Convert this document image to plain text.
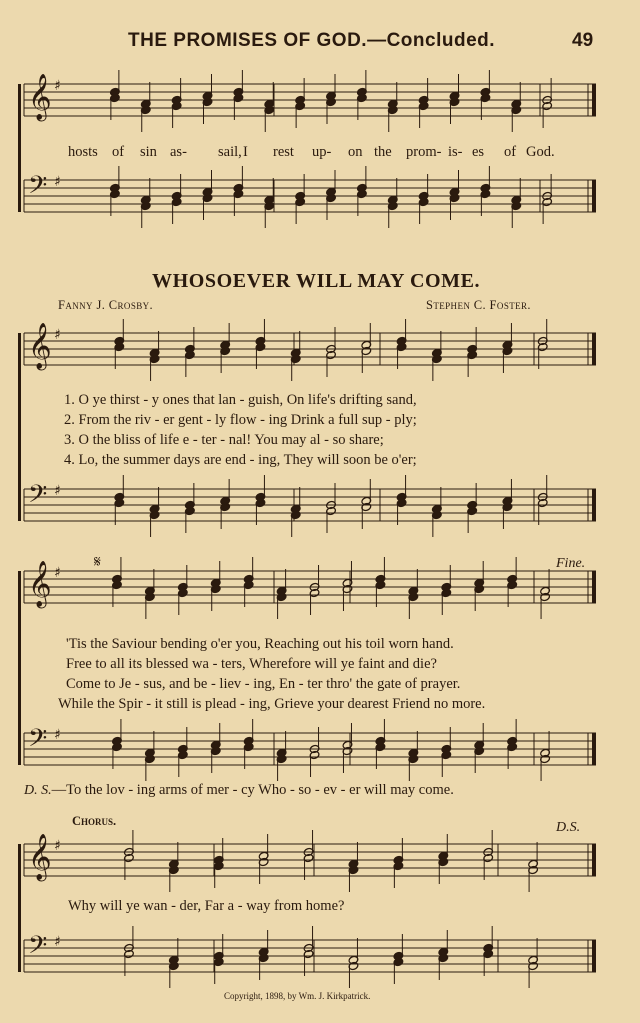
THE PROMISES OF GOD.—Concluded.	49
𝄞 ♯
𝄢 ♯
𝄞 ♯
𝄢 ♯
𝄞 ♯
𝄢 ♯
𝄞 ♯
𝄢 ♯
hosts of sin as- sail, I rest up- on the prom- is- es of God.
WHOSOEVER WILL MAY COME.
Fanny J. Crosby.	Stephen C. Foster.
1. O ye thirst - y ones that lan - guish, On life's drifting sand,
2. From the riv - er gent - ly flow - ing Drink a full sup - ply;
3. O the bliss of life e - ter - nal! You may al - so share;
4. Lo, the summer days are end - ing, They will soon be o'er;
𝄋	Fine.
'Tis the Saviour bending o'er you, Reaching out his toil worn hand.
Free to all its blessed wa - ters, Wherefore will ye faint and die?
Come to Je - sus, and be - liev - ing, En - ter thro' the gate of prayer.
While the Spir - it still is plead - ing, Grieve your dearest Friend no more.
D. S.—To the lov - ing arms of mer - cy Who - so - ev - er will may come.
Chorus.	D.S.
Why will ye wan - der, Far a - way from home?
Copyright, 1898, by Wm. J. Kirkpatrick.
